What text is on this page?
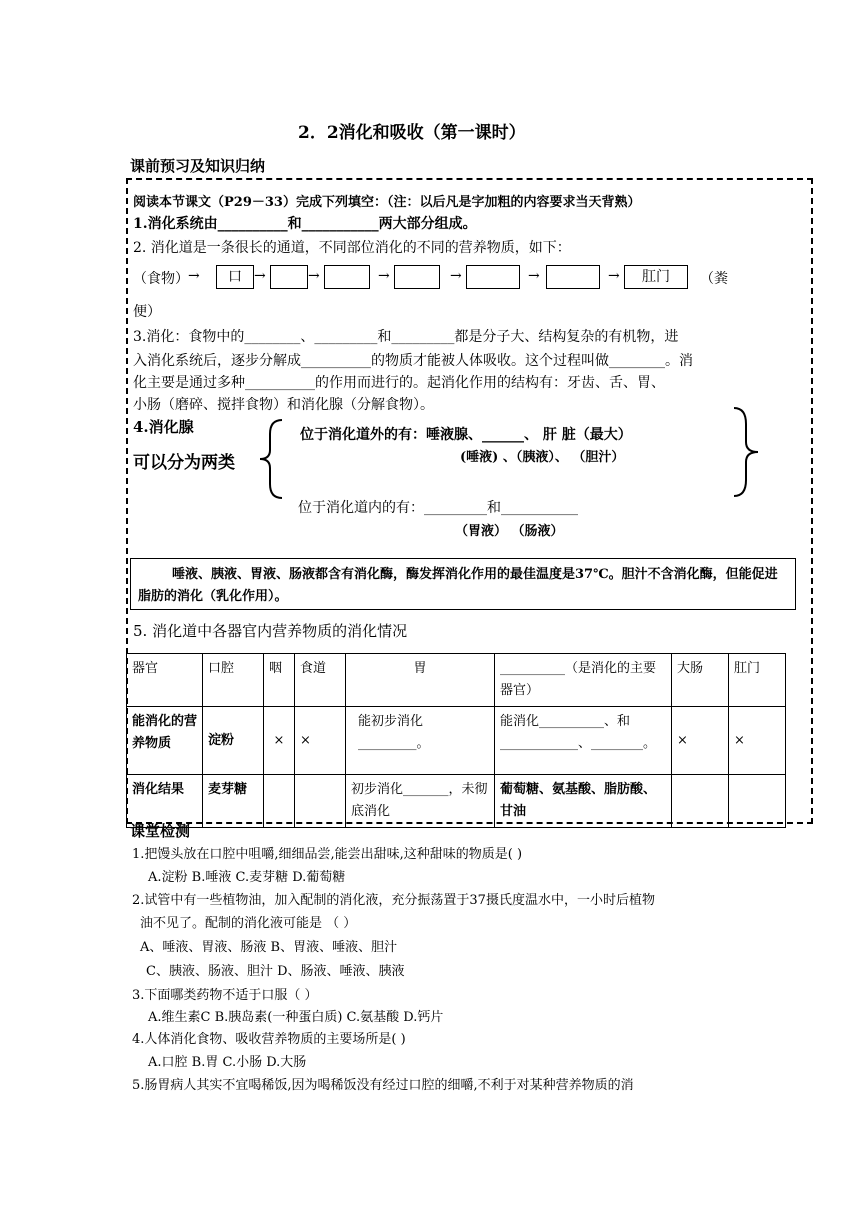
2．2消化和吸收（第一课时）
课前预习及知识归纳
阅读本节课文（P29－33）完成下列填空：（注：以后凡是字加粗的内容要求当天背熟）
1.消化系统由__________和___________两大部分组成。
2. 消化道是一条很长的通道，不同部位消化的不同的营养物质，如下：
（食物） →	口 →	→	→	→	→	→	肛门	（粪
便）
3.消化：食物中的________、_________和_________都是分子大、结构复杂的有机物，进
入消化系统后，逐步分解成__________的物质才能被人体吸收。这个过程叫做________。消
化主要是通过多种__________的作用而进行的。起消化作用的结构有：牙齿、舌、胃、
小肠（磨碎、搅拌食物）和消化腺（分解食物）。
4.消化腺
可以分为两类
位于消化道外的有：唾液腺、______、 肝 脏（最大）
(唾液) 、（胰液）、 （胆汁）
位于消化道内的有：_________和___________
（胃液） （肠液）
唾液、胰液、胃液、肠液都含有消化酶，酶发挥消化作用的最佳温度是37℃。胆汁不含消化酶，但能促进脂肪的消化（乳化作用）。
5. 消化道中各器官内营养物质的消化情况
器官	口腔	咽	食道	胃	__________（是消化的主要器官）	大肠	肛门
能消化的营养物质	淀粉	×	×	能初步消化_________。	能消化__________、和____________、________。	×	×
消化结果	麦芽糖			初步消化_______，未彻底消化	葡萄糖、氨基酸、脂肪酸、甘油		
课堂检测
1.把馒头放在口腔中咀嚼,细细品尝,能尝出甜味,这种甜味的物质是( )
A.淀粉 B.唾液 C.麦芽糖 D.葡萄糖
2.试管中有一些植物油，加入配制的消化液，充分振荡置于37摄氏度温水中，一小时后植物
油不见了。配制的消化液可能是 （ ）
A、唾液、胃液、肠液 B、胃液、唾液、胆汁
C、胰液、肠液、胆汁 D、肠液、唾液、胰液
3.下面哪类药物不适于口服（ ）
A.维生素C B.胰岛素(一种蛋白质) C.氨基酸 D.钙片
4.人体消化食物、吸收营养物质的主要场所是( )
A.口腔 B.胃 C.小肠 D.大肠
5.肠胃病人其实不宜喝稀饭,因为喝稀饭没有经过口腔的细嚼,不利于对某种营养物质的消
